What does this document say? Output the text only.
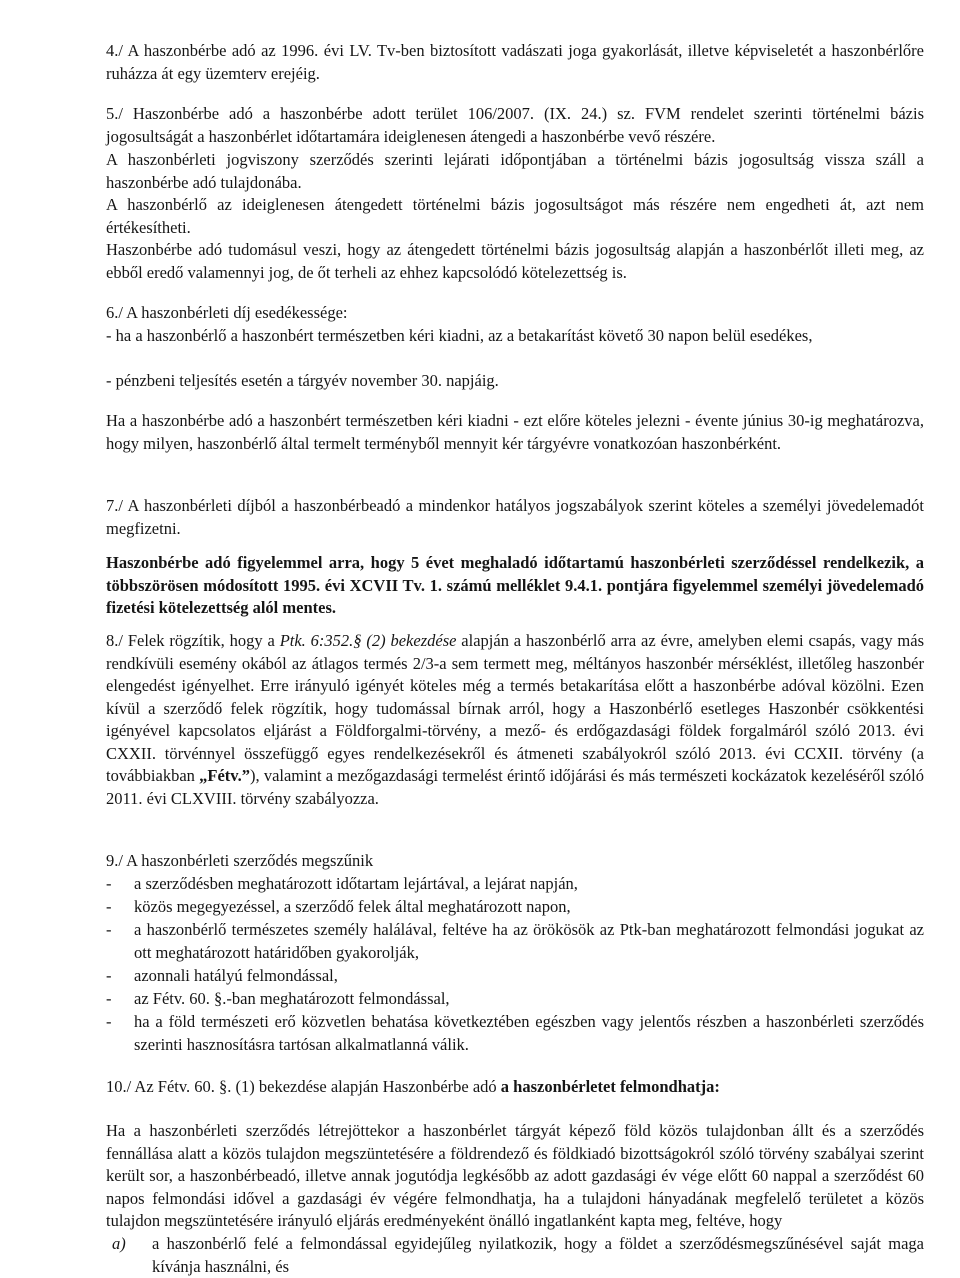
4./ A haszonbérbe adó az 1996. évi LV. Tv-ben biztosított vadászati joga gyakorlását, illetve képviseletét a haszonbérlőre ruházza át egy üzemterv erejéig.
5./ Haszonbérbe adó a haszonbérbe adott terület 106/2007. (IX. 24.) sz. FVM rendelet szerinti történelmi bázis jogosultságát a haszonbérlet időtartamára ideiglenesen átengedi a haszonbérbe vevő részére.
A haszonbérleti jogviszony szerződés szerinti lejárati időpontjában a történelmi bázis jogosultság vissza száll a haszonbérbe adó tulajdonába.
A haszonbérlő az ideiglenesen átengedett történelmi bázis jogosultságot más részére nem engedheti át, azt nem értékesítheti.
Haszonbérbe adó tudomásul veszi, hogy az átengedett történelmi bázis jogosultság alapján a haszonbérlőt illeti meg, az ebből eredő valamennyi jog, de őt terheli az ehhez kapcsolódó kötelezettség is.
6./ A haszonbérleti díj esedékessége:
- ha a haszonbérlő a haszonbért természetben kéri kiadni, az a betakarítást követő 30 napon belül esedékes,
- pénzbeni teljesítés esetén a tárgyév november 30. napjáig.
Ha a haszonbérbe adó a haszonbért természetben kéri kiadni - ezt előre köteles jelezni - évente június 30-ig meghatározva, hogy milyen, haszonbérlő által termelt terményből mennyit kér tárgyévre vonatkozóan haszonbérként.
7./ A haszonbérleti díjból a haszonbérbeadó a mindenkor hatályos jogszabályok szerint köteles a személyi jövedelemadót megfizetni.
Haszonbérbe adó figyelemmel arra, hogy 5 évet meghaladó időtartamú haszonbérleti szerződéssel rendelkezik, a többszörösen módosított 1995. évi XCVII Tv. 1. számú melléklet 9.4.1. pontjára figyelemmel személyi jövedelemadó fizetési kötelezettség alól mentes.
8./ Felek rögzítik, hogy a Ptk. 6:352.§ (2) bekezdése alapján a haszonbérlő arra az évre, amelyben elemi csapás, vagy más rendkívüli esemény okából az átlagos termés 2/3-a sem termett meg, méltányos haszonbér mérséklést, illetőleg haszonbér elengedést igényelhet. Erre irányuló igényét köteles még a termés betakarítása előtt a haszonbérbe adóval közölni. Ezen kívül a szerződő felek rögzítik, hogy tudomással bírnak arról, hogy a Haszonbérlő esetleges Haszonbér csökkentési igényével kapcsolatos eljárást a Földforgalmi-törvény, a mező- és erdőgazdasági földek forgalmáról szóló 2013. évi CXXII. törvénnyel összefüggő egyes rendelkezésekről és átmeneti szabályokról szóló 2013. évi CCXII. törvény (a továbbiakban „Fétv.”), valamint a mezőgazdasági termelést érintő időjárási és más természeti kockázatok kezeléséről szóló 2011. évi CLXVIII. törvény szabályozza.
9./ A haszonbérleti szerződés megszűnik
-	a szerződésben meghatározott időtartam lejártával, a lejárat napján,
-	közös megegyezéssel, a szerződő felek által meghatározott napon,
-	a haszonbérlő természetes személy halálával, feltéve ha az örökösök az Ptk-ban meghatározott felmondási jogukat az ott meghatározott határidőben gyakorolják,
-	azonnali hatályú felmondással,
-	az Fétv. 60. §.-ban meghatározott felmondással,
-	ha a föld természeti erő közvetlen behatása következtében egészben vagy jelentős részben a haszonbérleti szerződés szerinti hasznosításra tartósan alkalmatlanná válik.
10./ Az Fétv. 60. §. (1) bekezdése alapján Haszonbérbe adó a haszonbérletet felmondhatja:
Ha a haszonbérleti szerződés létrejöttekor a haszonbérlet tárgyát képező föld közös tulajdonban állt és a szerződés fennállása alatt a közös tulajdon megszüntetésére a földrendező és földkiadó bizottságokról szóló törvény szabályai szerint került sor, a haszonbérbeadó, illetve annak jogutódja legkésőbb az adott gazdasági év vége előtt 60 nappal a szerződést 60 napos felmondási idővel a gazdasági év végére felmondhatja, ha a tulajdoni hányadának megfelelő területet a közös tulajdon megszüntetésére irányuló eljárás eredményeként önálló ingatlanként kapta meg, feltéve, hogy
a) a haszonbérlő felé a felmondással egyidejűleg nyilatkozik, hogy a földet a szerződésmegszűnésével saját maga kívánja használni, és
